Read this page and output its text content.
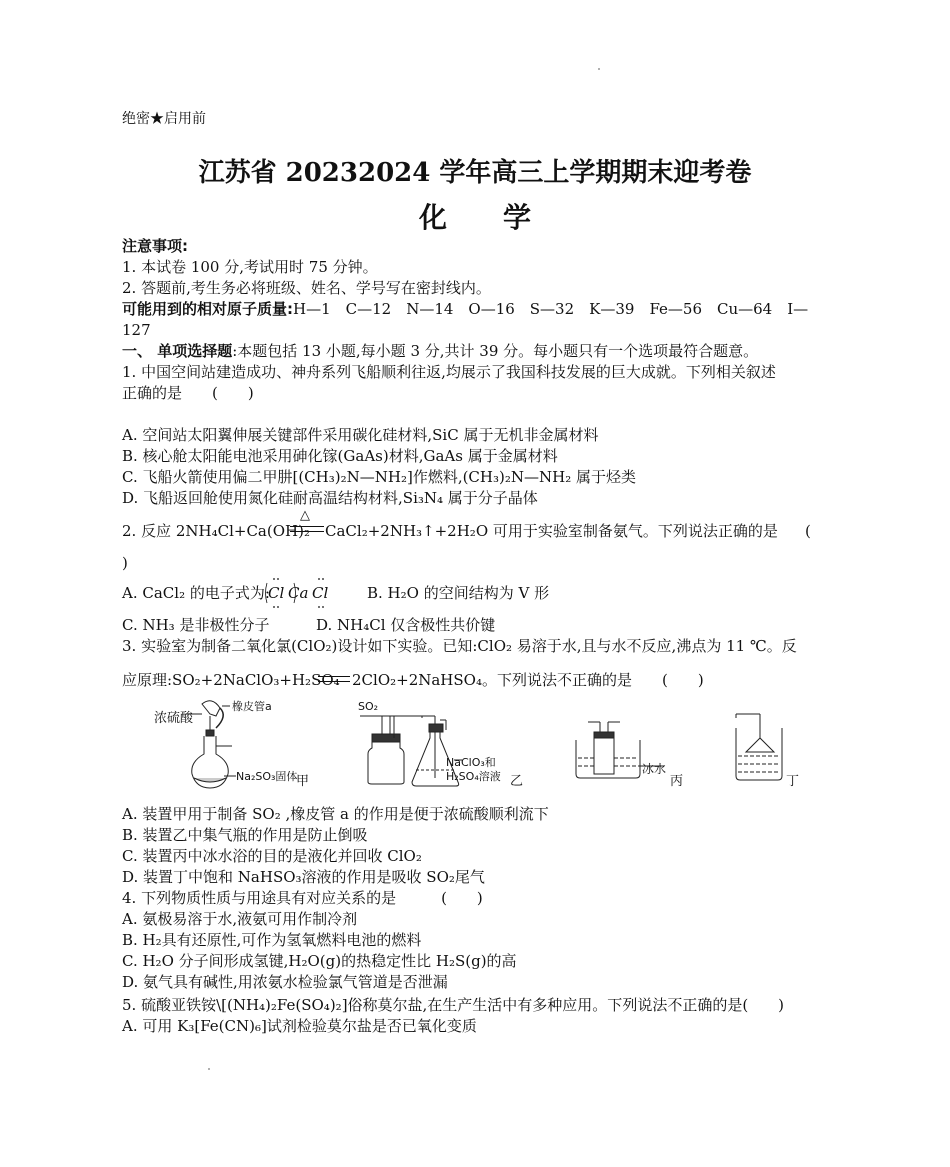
绝密★启用前
江苏省 20232024 学年高三上学期期末迎考卷
化　　学
注意事项:
1. 本试卷 100 分,考试用时 75 分钟。
2. 答题前,考生务必将班级、姓名、学号写在密封线内。
可能用到的相对原子质量:H—1　C—12　N—14　O—16　S—32　K—39　Fe—56　Cu—64　I—
127
一、 单项选择题:本题包括 13 小题,每小题 3 分,共计 39 分。每小题只有一个选项最符合题意。
1. 中国空间站建造成功、神舟系列飞船顺利往返,均展示了我国科技发展的巨大成就。下列相关叙述
正确的是　　(　　)
A. 空间站太阳翼伸展关键部件采用碳化硅材料,SiC 属于无机非金属材料
B. 核心舱太阳能电池采用砷化镓(GaAs)材料,GaAs 属于金属材料
C. 飞船火箭使用偏二甲肼[(CH₃)₂N—NH₂]作燃料,(CH₃)₂N—NH₂ 属于烃类
D. 飞船返回舱使用氮化硅耐高温结构材料,Si₃N₄ 属于分子晶体
2. 反应 2NH₄Cl+Ca(OH)₂
△
CaCl₂+2NH₃↑+2H₂O 可用于实验室制备氨气。下列说法正确的是 (
)
A. CaCl₂ 的电子式为:
Cl Ca Cl	B. H₂O 的空间结构为 V 形
C. NH₃ 是非极性分子	D. NH₄Cl 仅含极性共价键
3. 实验室为制备二氧化氯(ClO₂)设计如下实验。已知:ClO₂ 易溶于水,且与水不反应,沸点为 11 ℃。反
应原理:SO₂+2NaClO₃+H₂SO₄ 2ClO₂+2NaHSO₄。下列说法不正确的是　　(　　)
浓硫酸
橡皮管a
Na₂SO₃固体
甲
SO₂
NaClO₃和
H₂SO₄溶液 乙
冰水
丙	丁
A. 装置甲用于制备 SO₂ ,橡皮管 a 的作用是便于浓硫酸顺利流下
B. 装置乙中集气瓶的作用是防止倒吸
C. 装置丙中冰水浴的目的是液化并回收 ClO₂
D. 装置丁中饱和 NaHSO₃溶液的作用是吸收 SO₂尾气
4. 下列物质性质与用途具有对应关系的是　　　(　　)
A. 氨极易溶于水,液氨可用作制冷剂
B. H₂具有还原性,可作为氢氧燃料电池的燃料
C. H₂O 分子间形成氢键,H₂O(g)的热稳定性比 H₂S(g)的高
D. 氨气具有碱性,用浓氨水检验氯气管道是否泄漏
5. 硫酸亚铁铵\[(NH₄)₂Fe(SO₄)₂]俗称莫尔盐,在生产生活中有多种应用。下列说法不正确的是(　　)
A. 可用 K₃[Fe(CN)₆]试剂检验莫尔盐是否已氧化变质
